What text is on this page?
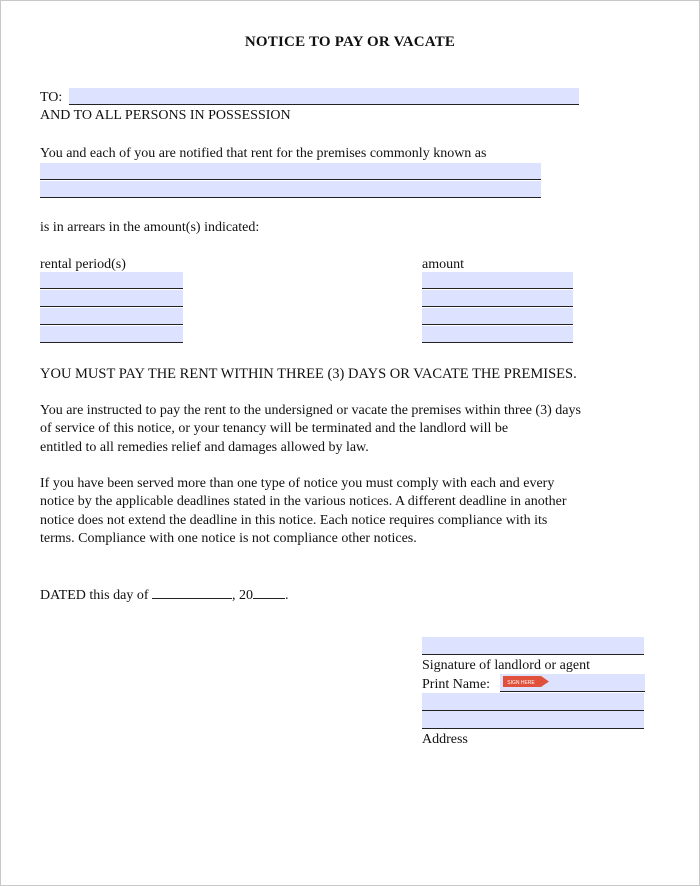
NOTICE TO PAY OR VACATE
TO:
AND TO ALL PERSONS IN POSSESSION
You and each of you are notified that rent for the premises commonly known as
is in arrears in the amount(s) indicated:
rental period(s)	amount
YOU MUST PAY THE RENT WITHIN THREE (3) DAYS OR VACATE THE PREMISES.
You are instructed to pay the rent to the undersigned or vacate the premises within three (3) days
of service of this notice, or your tenancy will be terminated and the landlord will be
entitled to all remedies relief and damages allowed by law.
If you have been served more than one type of notice you must comply with each and every
notice by the applicable deadlines stated in the various notices. A different deadline in another
notice does not extend the deadline in this notice. Each notice requires compliance with its
terms. Compliance with one notice is not compliance other notices.
DATED this day of	, 20 .
Signature of landlord or agent
Print Name:	SIGN HERE
Address
